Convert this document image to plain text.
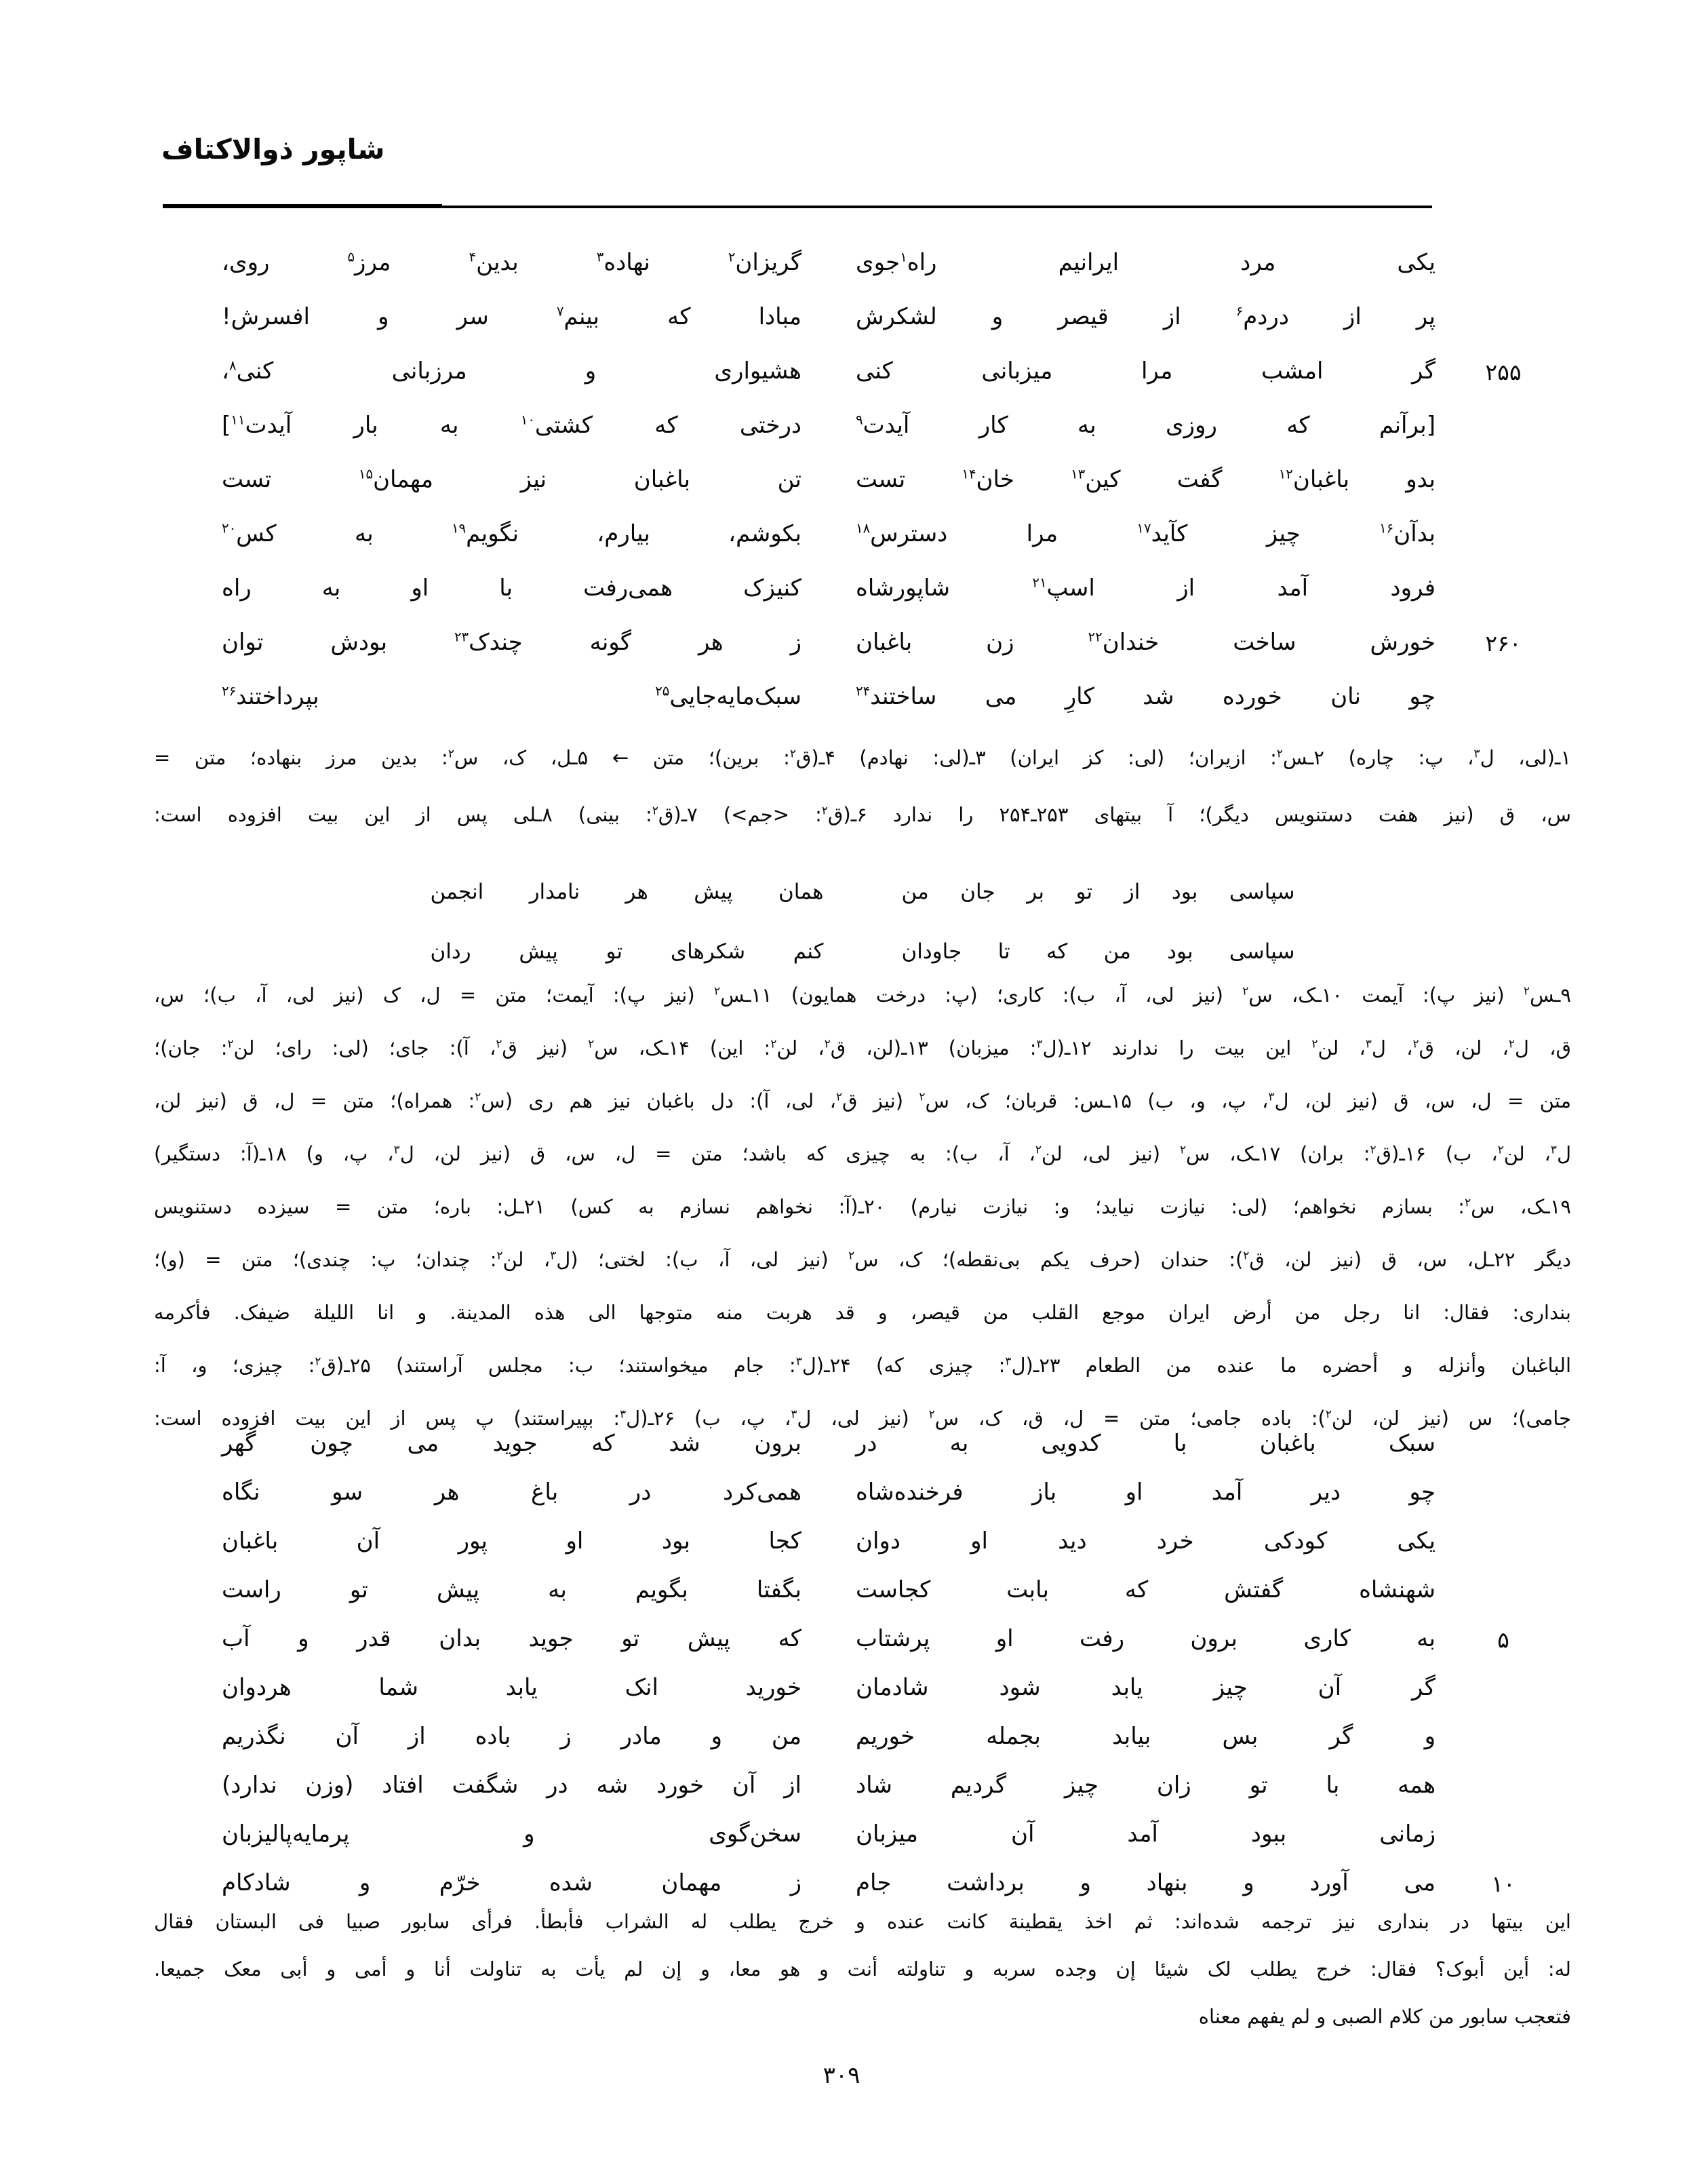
شاپور ذوالاکتاف
یکی مرد ایرانیم راه$^۱$جوی
گریزان$^۲$ نهاده$^۳$ بدین$^۴$ مرز$^۵$ روی،
پر از دردم$^۶$ از قیصر و لشکرش
مبادا که بینم$^۷$ سر و افسرش!
۲۵۵
گر امشب مرا میزبانی کنی
هشیواری و مرزبانی کنی$^۸$،
[برآنم که روزی به کار آیدت$^۹$
درختی که کشتی$^{۱۰}$ به بار آیدت$^{۱۱}$]
بدو باغبان$^{۱۲}$ گفت کین$^{۱۳}$ خان$^{۱۴}$ تست
تن باغبان نیز مهمان$^{۱۵}$ تست
بدآن$^{۱۶}$ چیز کآید$^{۱۷}$ مرا دسترس$^{۱۸}$
بکوشم، بیارم، نگویم$^{۱۹}$ به کس$^{۲۰}$
فرود آمد از اسپ$^{۲۱}$ شاپورشاه
کنیزک همی‌رفت با او به راه
۲۶۰
خورش ساخت خندان$^{۲۲}$ زن باغبان
ز هر گونه چندک$^{۲۳}$ بودش توان
چو نان خورده شد کارِ می ساختند$^{۲۴}$
سبک‌مایه‌جایی$^{۲۵}$ بپرداختند$^{۲۶}$
۱ـ(لی، ل$^۳$، پ: چاره) ۲ـس$^۲$: ازیران؛ (لی: کز ایران) ۳ـ(لی: نهادم) ۴ـ(ق$^۲$: برین)؛ متن ← ۵ـل، ک، س$^۲$: بدین مرز بنهاده؛ متن =
س، ق (نیز هفت دستنویس دیگر)؛ آ بیتهای ۲۵۳ـ۲۵۴ را ندارد ۶ـ(ق$^۲$: <جم>) ۷ـ(ق$^۲$: بینی) ۸ـلی پس از این بیت افزوده است:
سپاسی بود از تو بر جان من
همان پیش هر نامدار انجمن
سپاسی بود من که تا جاودان
کنم شکرهای تو پیش ردان
۹ـس$^۲$ (نیز پ): آیمت ۱۰ـک، س$^۲$ (نیز لی، آ، ب): کاری؛ (پ: درخت همایون) ۱۱ـس$^۲$ (نیز پ): آیمت؛ متن = ل، ک (نیز لی، آ، ب)؛ س،
ق، ل$^۲$، لن، ق$^۲$، ل$^۳$، لن$^۲$ این بیت را ندارند ۱۲ـ(ل$^۳$: میزبان) ۱۳ـ(لن، ق$^۲$، لن$^۲$: این) ۱۴ـک، س$^۲$ (نیز ق$^۲$، آ): جای؛ (لی: رای؛ لن$^۲$: جان)؛
متن = ل، س، ق (نیز لن، ل$^۳$، پ، و، ب) ۱۵ـس: قربان؛ ک، س$^۲$ (نیز ق$^۲$، لی، آ): دل باغبان نیز هم ری (س$^۲$: همراه)؛ متن = ل، ق (نیز لن،
ل$^۳$، لن$^۲$، ب) ۱۶ـ(ق$^۲$: بران) ۱۷ـک، س$^۲$ (نیز لی، لن$^۲$، آ، ب): به چیزی که باشد؛ متن = ل، س، ق (نیز لن، ل$^۳$، پ، و) ۱۸ـ(آ: دستگیر)
۱۹ـک، س$^۲$: بسازم نخواهم؛ (لی: نیازت نیاید؛ و: نیازت نیارم) ۲۰ـ(آ: نخواهم نسازم به کس) ۲۱ـل: باره؛ متن = سیزده دستنویس
دیگر ۲۲ـل، س، ق (نیز لن، ق$^۲$): حندان (حرف یکم بی‌نقطه)؛ ک، س$^۲$ (نیز لی، آ، ب): لختی؛ (ل$^۳$، لن$^۲$: چندان؛ پ: چندی)؛ متن = (و)؛
بنداری: فقال: انا رجل من أرض ایران موجع القلب من قیصر، و قد هربت منه متوجها الی هذه المدینة. و انا اللیلة ضیفک. فأکرمه
الباغبان وأنزله و أحضره ما عنده من الطعام ۲۳ـ(ل$^۳$: چیزی که) ۲۴ـ(ل$^۳$: جام میخواستند؛ ب: مجلس آراستند) ۲۵ـ(ق$^۲$: چیزی؛ و، آ:
جامی)؛ س (نیز لن، لن$^۲$): باده جامی؛ متن = ل، ق، ک، س$^۲$ (نیز لی، ل$^۳$، پ، ب) ۲۶ـ(ل$^۳$: بپیراستند) پ پس از این بیت افزوده است:
سبک باغبان با کدویی به در
برون شد که جوید می چون گهر
چو دیر آمد او باز فرخنده‌شاه
همی‌کرد در باغ هر سو نگاه
یکی کودکی خرد دید او دوان
کجا بود او پور آن باغبان
شهنشاه گفتش که بابت کجاست
بگفتا بگویم به پیش تو راست
۵
به کاری برون رفت او پرشتاب
که پیش تو جوید بدان قدر و آب
گر آن چیز یابد شود شادمان
خورید انک یابد شما هردوان
و گر بس بیابد بجمله خوریم
من و مادر ز باده از آن نگذریم
همه با تو زان چیز گردیم شاد
از آن خورد شه در شگفت افتاد (وزن ندارد)
زمانی ببود آمد آن میزبان
سخن‌گوی و پرمایه‌پالیزبان
۱۰
می آورد و بنهاد و برداشت جام
ز مهمان شده خرّم و شادکام
این بیتها در بنداری نیز ترجمه شده‌اند: ثم اخذ یقطینة کانت عنده و خرج یطلب له الشراب فأبطأ. فرأی سابور صبیا فی البستان فقال
له: أین أبوک؟ فقال: خرج یطلب لک شیئا إن وجده سربه و تناولته أنت و هو معا، و إن لم یأت به تناولت أنا و أمی و أبی معک جمیعا.
فتعجب سابور من کلام الصبی و لم یفهم معناه
۳۰۹
